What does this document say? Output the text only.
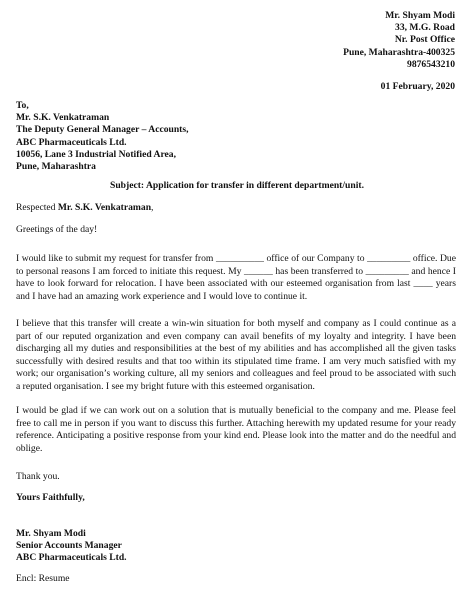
Mr. Shyam Modi
33, M.G. Road
Nr. Post Office
Pune, Maharashtra-400325
9876543210
01 February, 2020
To,
Mr. S.K. Venkatraman
The Deputy General Manager – Accounts,
ABC Pharmaceuticals Ltd.
10056, Lane 3 Industrial Notified Area,
Pune, Maharashtra
Subject: Application for transfer in different department/unit.
Respected Mr. S.K. Venkatraman,
Greetings of the day!

I would like to submit my request for transfer from __________ office of our Company to _________ office. Due to personal reasons I am forced to initiate this request. My ______ has been transferred to _________ and hence I have to look forward for relocation. I have been associated with our esteemed organisation from last ____ years and I have had an amazing work experience and I would love to continue it.

I believe that this transfer will create a win-win situation for both myself and company as I could continue as a part of our reputed organization and even company can avail benefits of my loyalty and integrity. I have been discharging all my duties and responsibilities at the best of my abilities and has accomplished all the given tasks successfully with desired results and that too within its stipulated time frame. I am very much satisfied with my work; our organisation’s working culture, all my seniors and colleagues and feel proud to be associated with such a reputed organisation. I see my bright future with this esteemed organisation.

I would be glad if we can work out on a solution that is mutually beneficial to the company and me. Please feel free to call me in person if you want to discuss this further. Attaching herewith my updated resume for your ready reference. Anticipating a positive response from your kind end. Please look into the matter and do the needful and oblige.

Thank you.
Yours Faithfully,
Mr. Shyam Modi
Senior Accounts Manager
ABC Pharmaceuticals Ltd.
Encl: Resume
